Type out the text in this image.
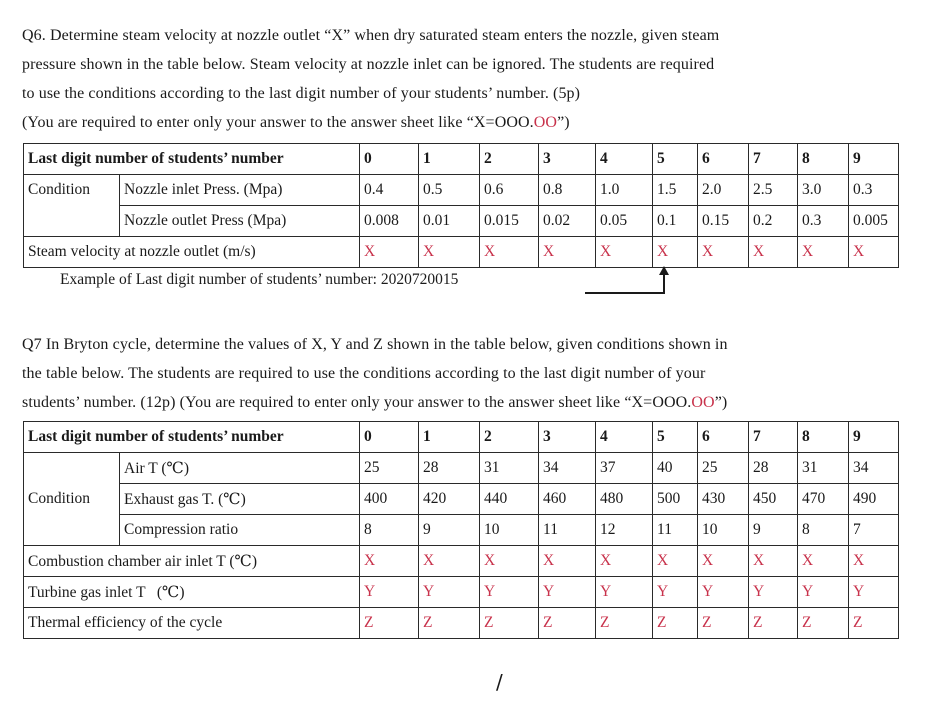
Q6. Determine steam velocity at nozzle outlet “X” when dry saturated steam enters the nozzle, given steam
pressure shown in the table below. Steam velocity at nozzle inlet can be ignored. The students are required
to use the conditions according to the last digit number of your students’ number. (5p)
(You are required to enter only your answer to the answer sheet like “X=OOO.OO”)
Last digit number of students’ number		0	1	2	3	4	5	6	7	8	9
Condition	Nozzle inlet Press. (Mpa)	0.4	0.5	0.6	0.8	1.0	1.5	2.0	2.5	3.0	0.3
	Nozzle outlet Press (Mpa)	0.008	0.01	0.015	0.02	0.05	0.1	0.15	0.2	0.3	0.005
Steam velocity at nozzle outlet (m/s)		X	X	X	X	X	X	X	X	X	X
Example of Last digit number of students’ number: 2020720015
Q7 In Bryton cycle, determine the values of X, Y and Z shown in the table below, given conditions shown in
the table below. The students are required to use the conditions according to the last digit number of your
students’ number. (12p) (You are required to enter only your answer to the answer sheet like “X=OOO.OO”)
Last digit number of students’ number		0	1	2	3	4	5	6	7	8	9
Condition	Air T (℃)	25	28	31	34	37	40	25	28	31	34
	Exhaust gas T. (℃)	400	420	440	460	480	500	430	450	470	490
	Compression ratio	8	9	10	11	12	11	10	9	8	7
Combustion chamber air inlet T (℃)		X	X	X	X	X	X	X	X	X	X
Turbine gas inlet T   (℃)		Y	Y	Y	Y	Y	Y	Y	Y	Y	Y
Thermal efficiency of the cycle		Z	Z	Z	Z	Z	Z	Z	Z	Z	Z
/
